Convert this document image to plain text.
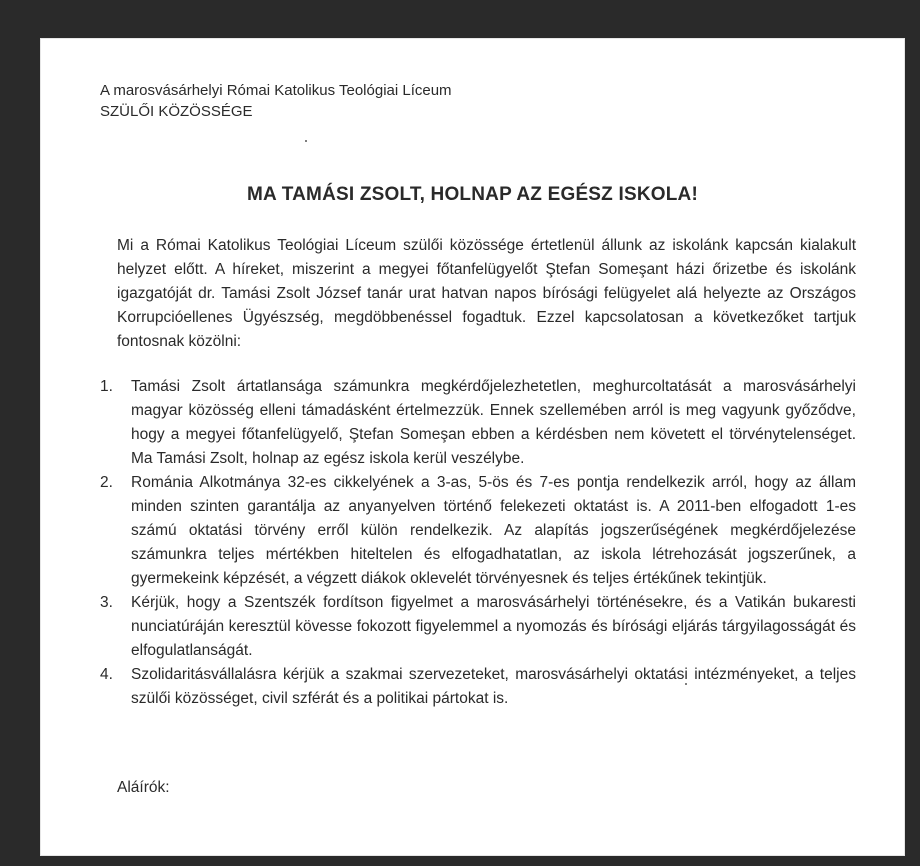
A marosvásárhelyi Római Katolikus Teológiai Líceum
SZÜLŐI KÖZÖSSÉGE
MA TAMÁSI ZSOLT, HOLNAP AZ EGÉSZ ISKOLA!
Mi a Római Katolikus Teológiai Líceum szülői közössége értetlenül állunk az iskolánk kapcsán kialakult helyzet előtt. A híreket, miszerint a megyei főtanfelügyelőt Ştefan Someşant házi őrizetbe és iskolánk igazgatóját dr. Tamási Zsolt József tanár urat hatvan napos bírósági felügyelet alá helyezte az Országos Korrupcióellenes Ügyészség, megdöbbenéssel fogadtuk. Ezzel kapcsolatosan a következőket tartjuk fontosnak közölni:
1. Tamási Zsolt ártatlansága számunkra megkérdőjelezhetetlen, meghurcoltatását a marosvásárhelyi magyar közösség elleni támadásként értelmezzük. Ennek szellemében arról is meg vagyunk győződve, hogy a megyei főtanfelügyelő, Ştefan Someşan ebben a kérdésben nem követett el törvénytelenséget. Ma Tamási Zsolt, holnap az egész iskola kerül veszélybe.
2. Románia Alkotmánya 32-es cikkelyének a 3-as, 5-ös és 7-es pontja rendelkezik arról, hogy az állam minden szinten garantálja az anyanyelven történő felekezeti oktatást is. A 2011-ben elfogadott 1-es számú oktatási törvény erről külön rendelkezik. Az alapítás jogszerűségének megkérdőjelezése számunkra teljes mértékben hiteltelen és elfogadhatatlan, az iskola létrehozását jogszerűnek, a gyermekeink képzését, a végzett diákok oklevelét törvényesnek és teljes értékűnek tekintjük.
3. Kérjük, hogy a Szentszék fordítson figyelmet a marosvásárhelyi történésekre, és a Vatikán bukaresti nunciatúráján keresztül kövesse fokozott figyelemmel a nyomozás és bírósági eljárás tárgyilagosságát és elfogulatlanságát.
4. Szolidaritásvállalásra kérjük a szakmai szervezeteket, marosvásárhelyi oktatási intézményeket, a teljes szülői közösséget, civil szférát és a politikai pártokat is.
Aláírók:
